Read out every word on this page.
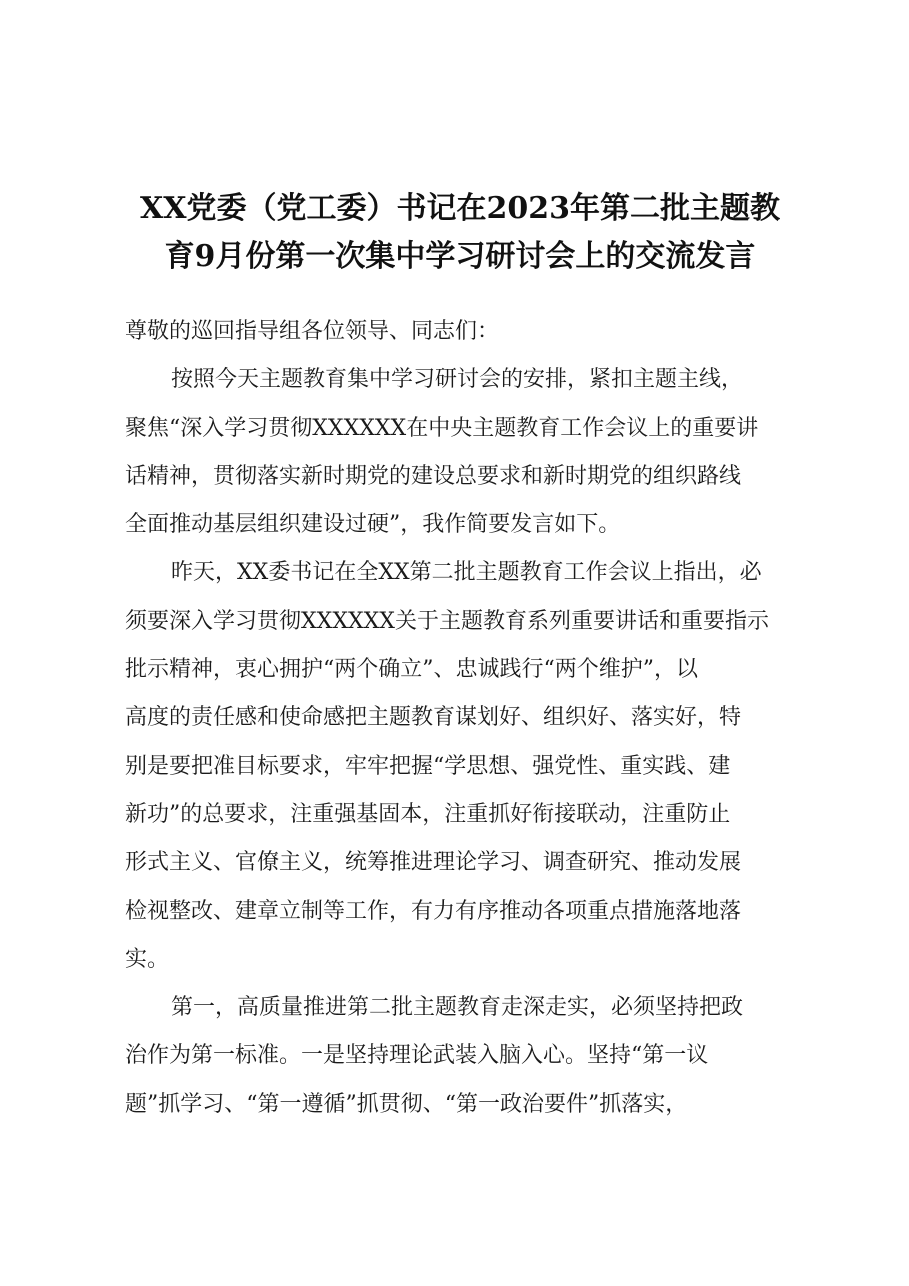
XX党委（党工委）书记在2023年第二批主题教
育9月份第一次集中学习研讨会上的交流发言
尊敬的巡回指导组各位领导、同志们：
按照今天主题教育集中学习研讨会的安排，紧扣主题主线，
聚焦“深入学习贯彻XXXXXX在中央主题教育工作会议上的重要讲
话精神，贯彻落实新时期党的建设总要求和新时期党的组织路线
全面推动基层组织建设过硬”，我作简要发言如下。
昨天，XX委书记在全XX第二批主题教育工作会议上指出，必
须要深入学习贯彻XXXXXX关于主题教育系列重要讲话和重要指示
批示精神，衷心拥护“两个确立”、忠诚践行“两个维护”，以
高度的责任感和使命感把主题教育谋划好、组织好、落实好，特
别是要把准目标要求，牢牢把握“学思想、强党性、重实践、建
新功”的总要求，注重强基固本，注重抓好衔接联动，注重防止
形式主义、官僚主义，统筹推进理论学习、调查研究、推动发展
检视整改、建章立制等工作，有力有序推动各项重点措施落地落
实。
第一，高质量推进第二批主题教育走深走实，必须坚持把政
治作为第一标准。一是坚持理论武装入脑入心。坚持“第一议
题”抓学习、“第一遵循”抓贯彻、“第一政治要件”抓落实，
